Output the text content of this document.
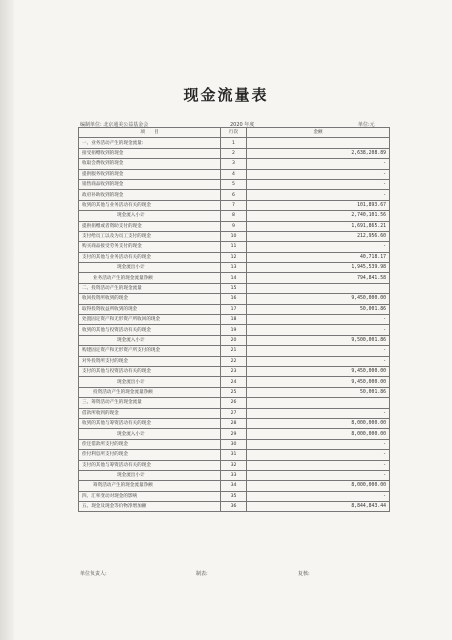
现金流量表
编制单位: 北京通美公益基金会	2020 年度	单位:元
项　　目	行次	金额
一、业务活动产生的现金流量:	1	
接受捐赠收到的现金	2	2,638,208.89
收取会费收到的现金	3	-
提供服务收到的现金	4	-
销售商品收到的现金	5	-
政府补助收到的现金	6	-
收到的其他与业务活动有关的现金	7	101,893.67
现金流入小计	8	2,740,101.56
提供捐赠或者资助支付的现金	9	1,691,865.21
支付给员工以及为员工支付的现金	10	212,956.60
购买商品接受劳务支付的现金	11	-
支付的其他与业务活动有关的现金	12	40,718.17
现金流出小计	13	1,945,539.98
业务活动产生的现金流量净额	14	794,841.58
二、投资活动产生的现金流量	15	
收回投资所收到的现金	16	9,450,000.00
取得投资收益所收到的现金	17	50,001.86
处置固定资产和无形资产所收回的现金	18	-
收到的其他与投资活动有关的现金	19	-
现金流入小计	20	9,500,001.86
购建固定资产和无形资产所支付的现金	21	-
对外投资所支付的现金	22	-
支付的其他与投资活动有关的现金	23	9,450,000.00
现金流出小计	24	9,450,000.00
投资活动产生的现金流量净额	25	50,001.86
三、筹资活动产生的现金流量	26	
借款所收到的现金	27	-
收到的其他与筹资活动有关的现金	28	8,000,000.00
现金流入小计	29	8,000,000.00
偿还借款所支付的现金	30	-
偿付利息所支付的现金	31	-
支付的其他与筹资活动有关的现金	32	-
现金流出小计	33	-
筹资活动产生的现金流量净额	34	8,000,000.00
四、汇率变动对现金的影响	35	-
五、现金及现金等价物净增加额	36	8,844,843.44
单位负责人:	制表:	复核:
